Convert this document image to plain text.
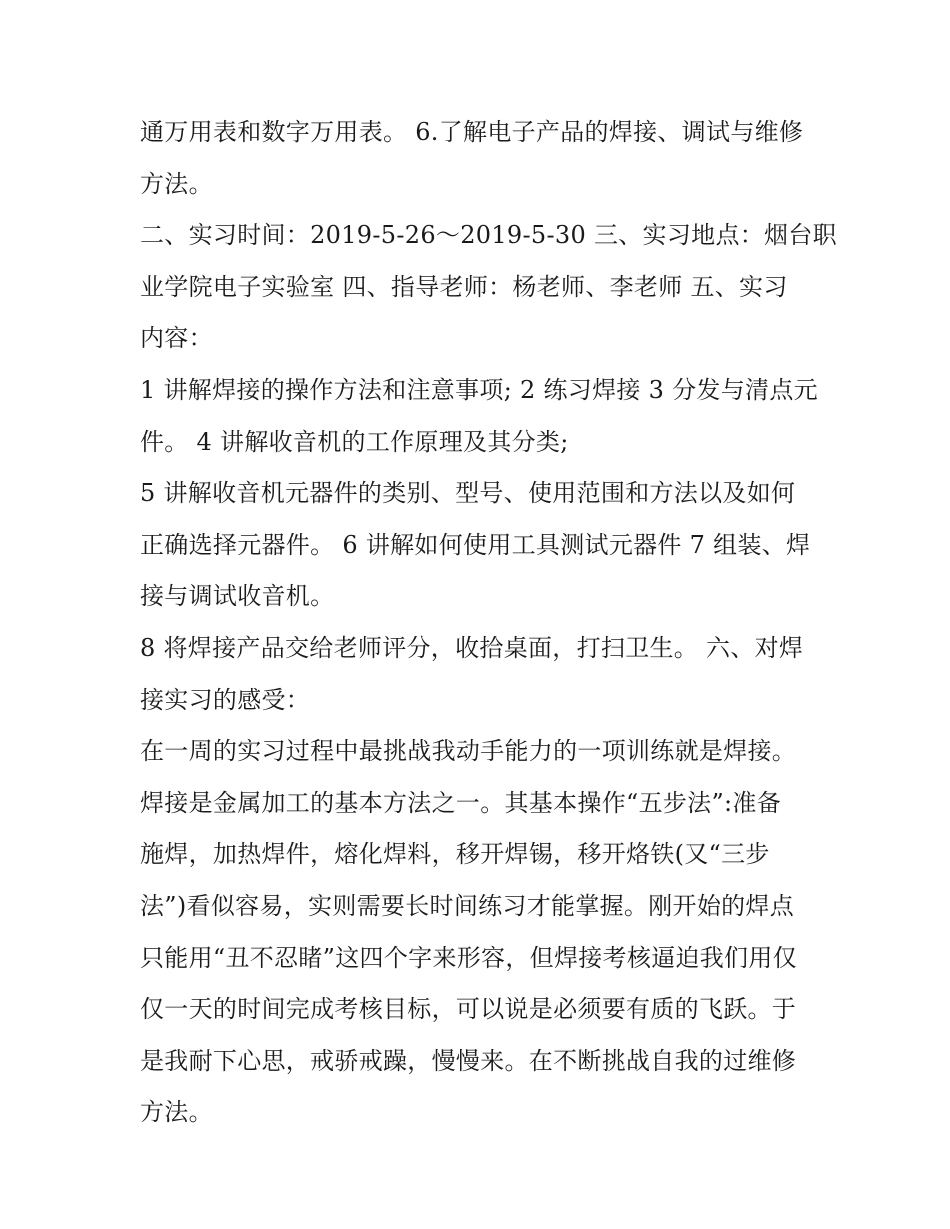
通万用表和数字万用表。 6.了解电子产品的焊接、调试与维修
方法。
二、实习时间：2019-5-26～2019-5-30 三、实习地点：烟台职
业学院电子实验室 四、指导老师：杨老师、李老师 五、实习
内容：
1 讲解焊接的操作方法和注意事项; 2 练习焊接 3 分发与清点元
件。 4 讲解收音机的工作原理及其分类;
5 讲解收音机元器件的类别、型号、使用范围和方法以及如何
正确选择元器件。 6 讲解如何使用工具测试元器件 7 组装、焊
接与调试收音机。
8 将焊接产品交给老师评分，收拾桌面，打扫卫生。 六、对焊
接实习的感受：
在一周的实习过程中最挑战我动手能力的一项训练就是焊接。
焊接是金属加工的基本方法之一。其基本操作“五步法”:准备
施焊，加热焊件，熔化焊料，移开焊锡，移开烙铁(又“三步
法”)看似容易，实则需要长时间练习才能掌握。刚开始的焊点
只能用“丑不忍睹”这四个字来形容，但焊接考核逼迫我们用仅
仅一天的时间完成考核目标，可以说是必须要有质的飞跃。于
是我耐下心思，戒骄戒躁，慢慢来。在不断挑战自我的过维修
方法。
